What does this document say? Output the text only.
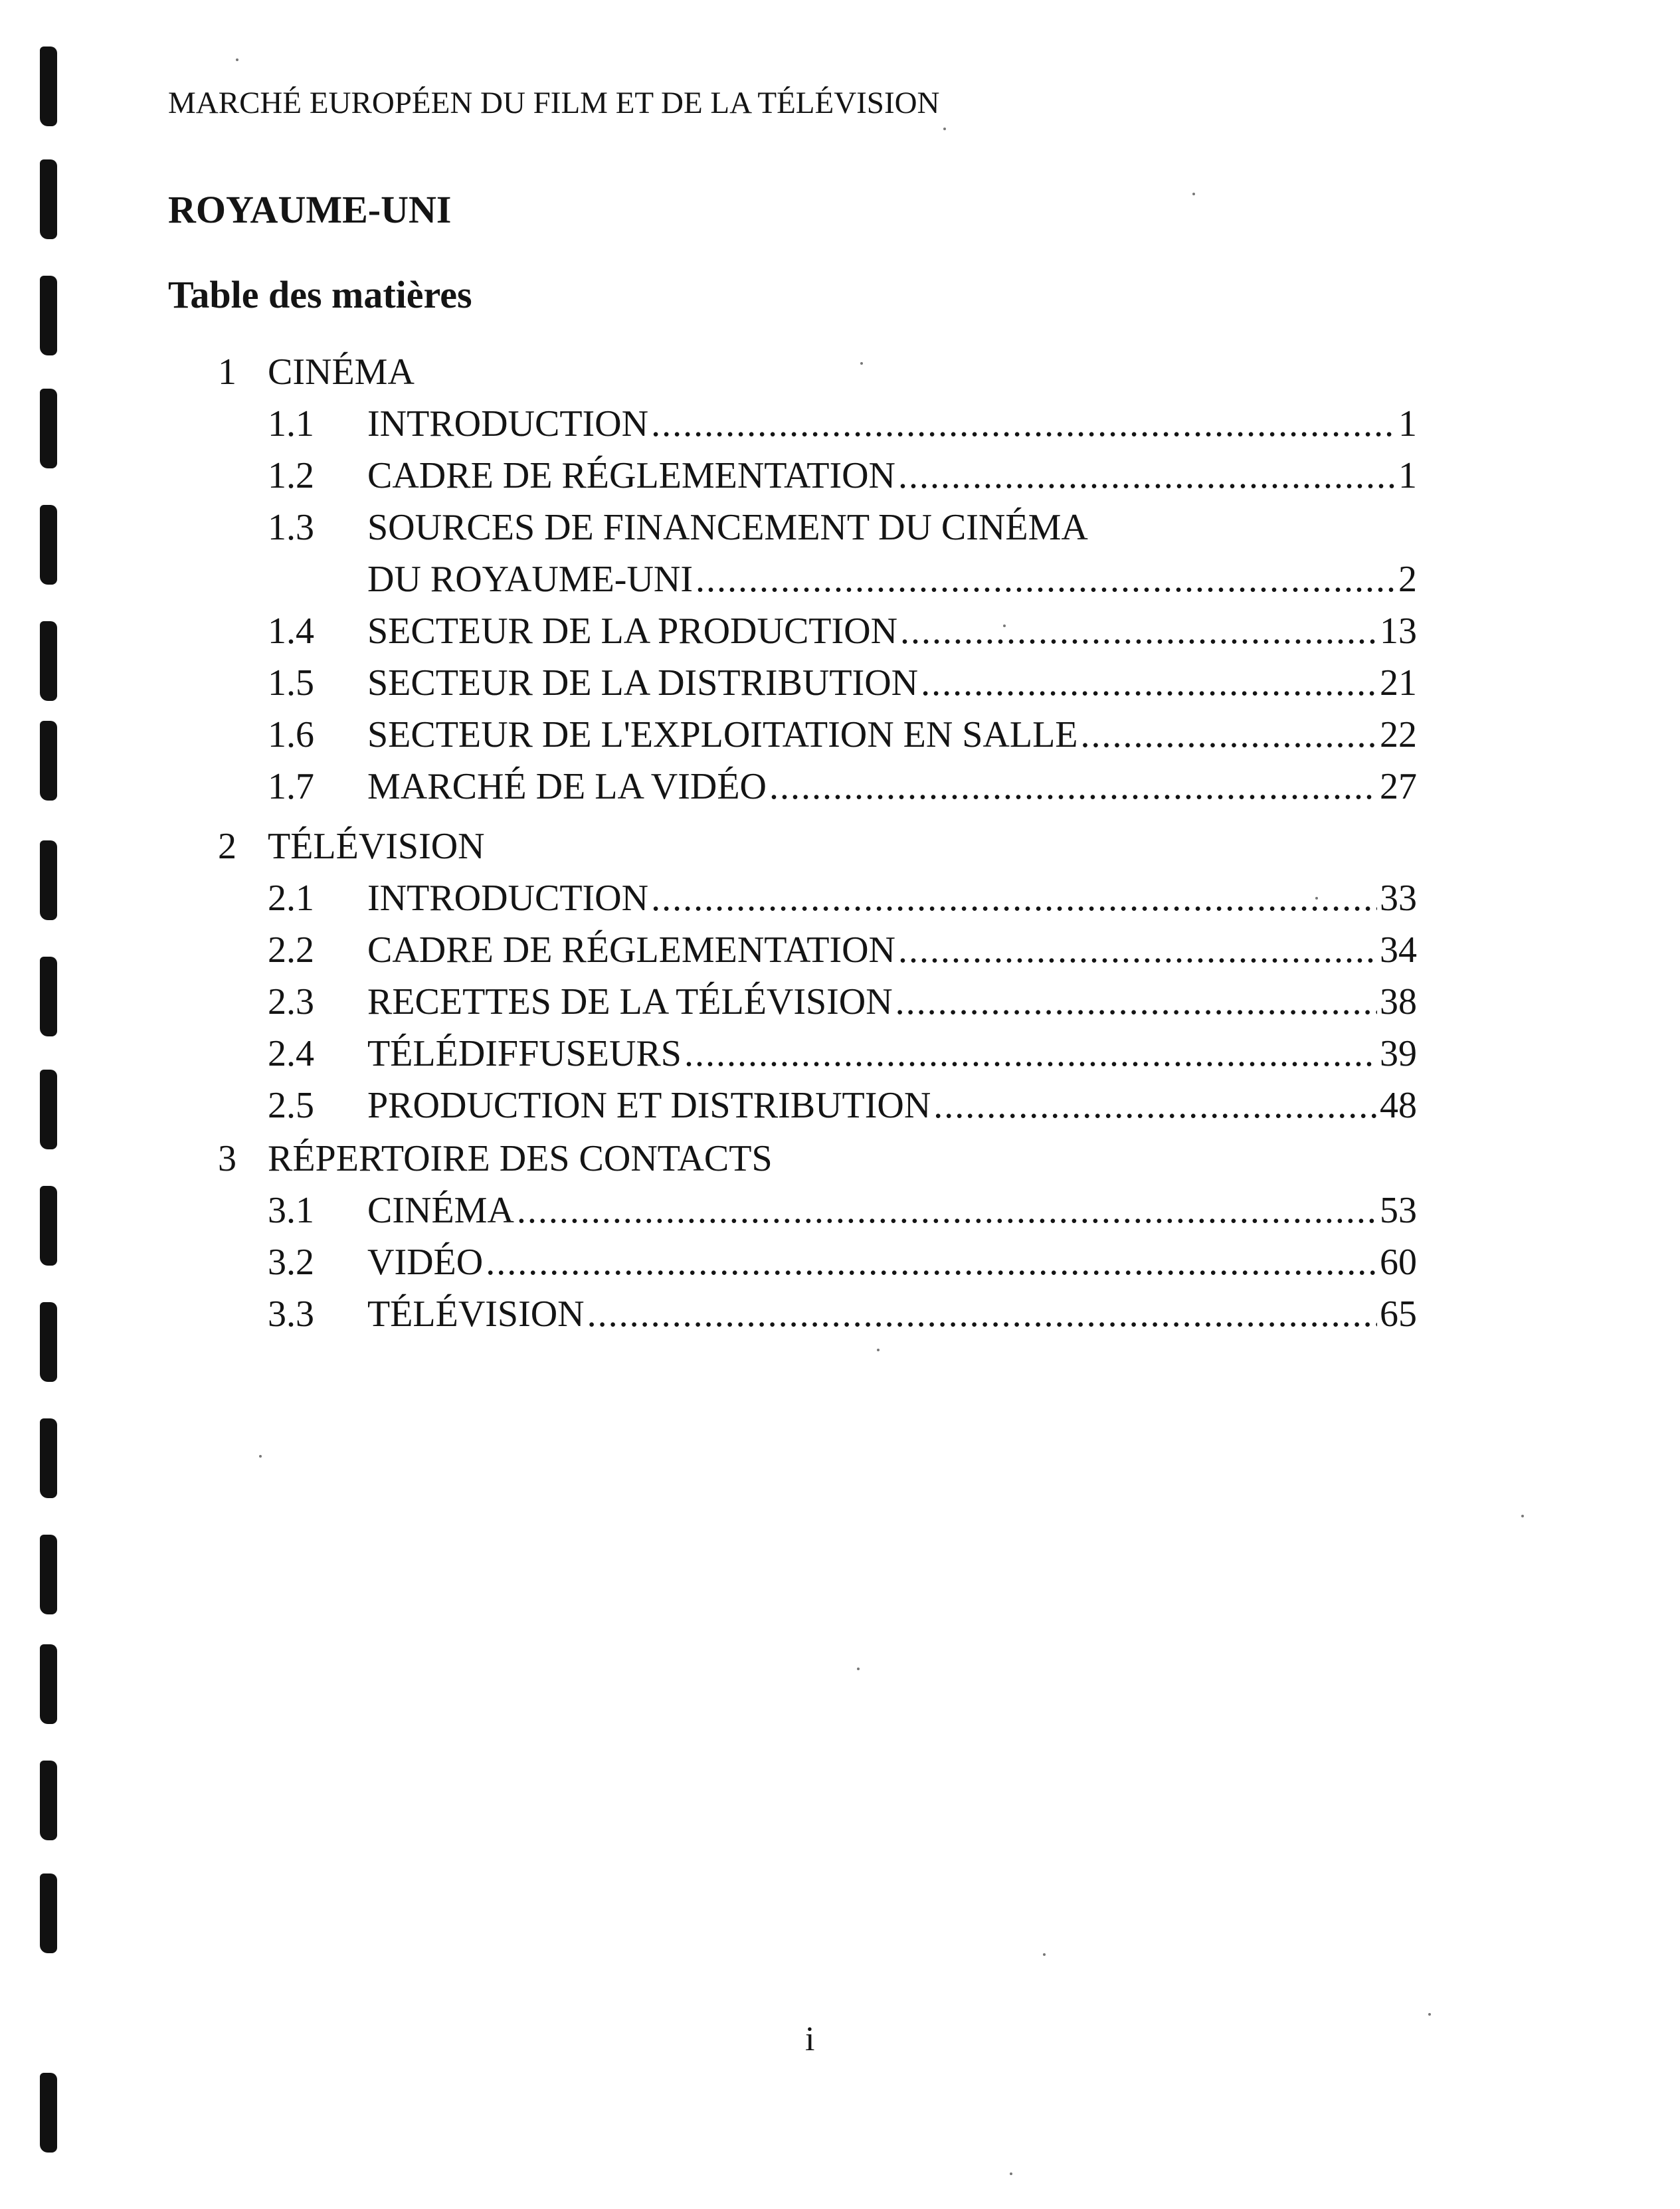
MARCHÉ EUROPÉEN DU FILM ET DE LA TÉLÉVISION
ROYAUME-UNI
Table des matières
1 CINÉMA
1.1 INTRODUCTION .....	1
1.2 CADRE DE RÉGLEMENTATION .....	1
1.3 SOURCES DE FINANCEMENT DU CINÉMA
DU ROYAUME-UNI .....	2
1.4 SECTEUR DE LA PRODUCTION .....	13
1.5 SECTEUR DE LA DISTRIBUTION .....	21
1.6 SECTEUR DE L'EXPLOITATION EN SALLE .....	22
1.7 MARCHÉ DE LA VIDÉO .....	27
2 TÉLÉVISION
2.1 INTRODUCTION .....	33
2.2 CADRE DE RÉGLEMENTATION .....	34
2.3 RECETTES DE LA TÉLÉVISION .....	38
2.4 TÉLÉDIFFUSEURS .....	39
2.5 PRODUCTION ET DISTRIBUTION .....	48
3 RÉPERTOIRE DES CONTACTS
3.1 CINÉMA .....	53
3.2 VIDÉO .....	60
3.3 TÉLÉVISION .....	65
i
